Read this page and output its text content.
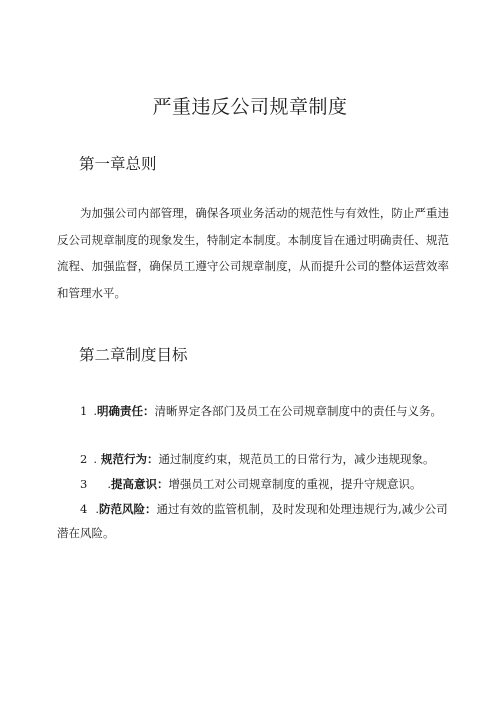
严重违反公司规章制度
第一章总则

为加强公司内部管理，确保各项业务活动的规范性与有效性，防止严重违反公司规章制度的现象发生，特制定本制度。本制度旨在通过明确责任、规范流程、加强监督，确保员工遵守公司规章制度，从而提升公司的整体运营效率和管理水平。

第二章制度目标

1 .明确责任：清晰界定各部门及员工在公司规章制度中的责任与义务。

2 . 规范行为：通过制度约束，规范员工的日常行为，减少违规现象。

3 .提高意识：增强员工对公司规章制度的重视，提升守规意识。

4 .防范风险：通过有效的监管机制，及时发现和处理违规行为,减少公司潜在风险。
